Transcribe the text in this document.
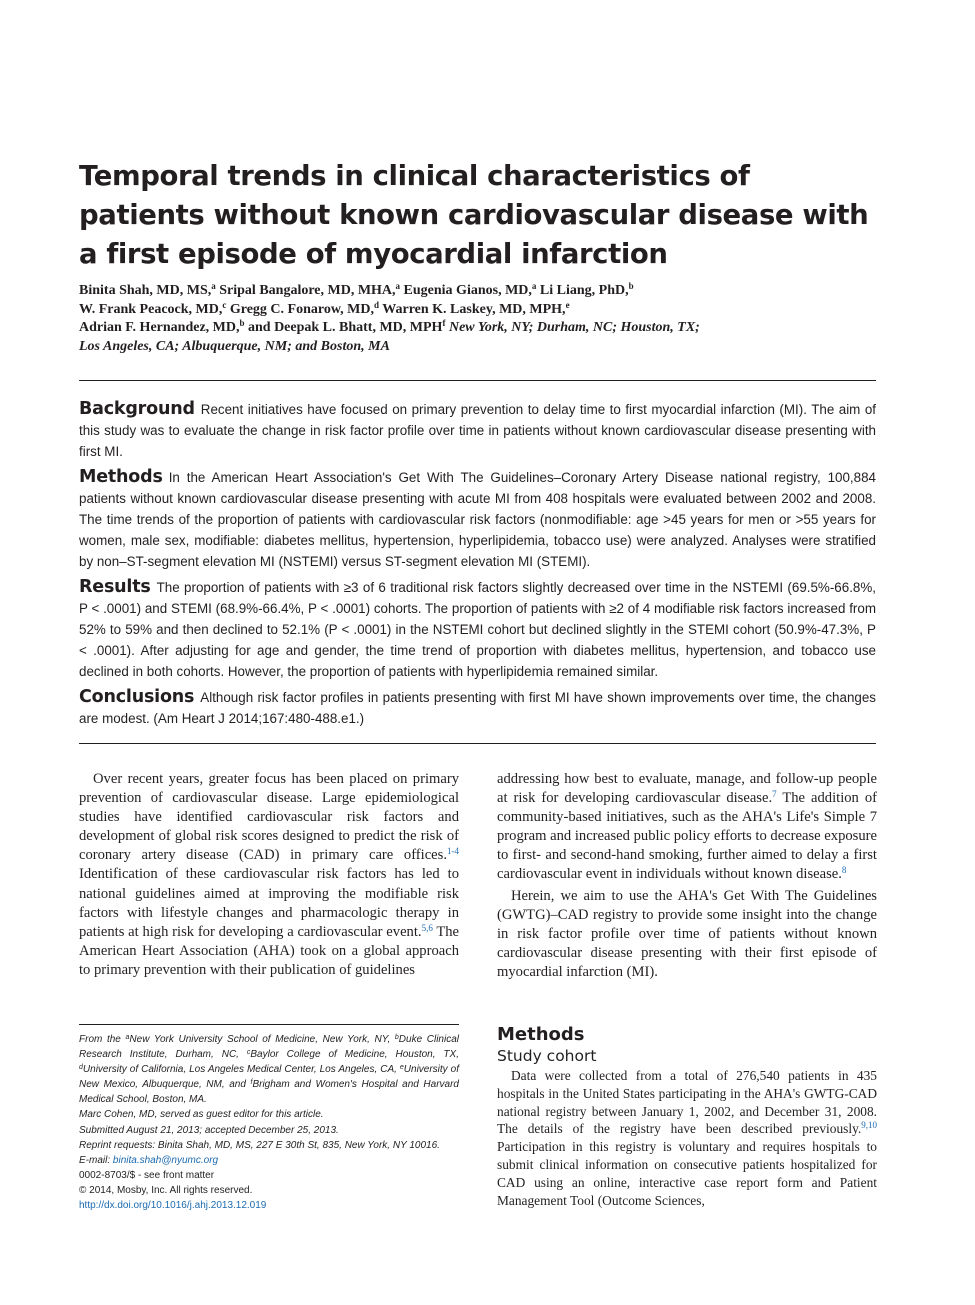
Temporal trends in clinical characteristics of patients without known cardiovascular disease with a first episode of myocardial infarction
Binita Shah, MD, MS,$^a$ Sripal Bangalore, MD, MHA,$^a$ Eugenia Gianos, MD,$^a$ Li Liang, PhD,$^b$
W. Frank Peacock, MD,$^c$ Gregg C. Fonarow, MD,$^d$ Warren K. Laskey, MD, MPH,$^e$
Adrian F. Hernandez, MD,$^b$ and Deepak L. Bhatt, MD, MPH$^f$ New York, NY; Durham, NC; Houston, TX;
Los Angeles, CA; Albuquerque, NM; and Boston, MA

Background Recent initiatives have focused on primary prevention to delay time to first myocardial infarction (MI). The aim of this study was to evaluate the change in risk factor profile over time in patients without known cardiovascular disease presenting with first MI.

Methods In the American Heart Association's Get With The Guidelines–Coronary Artery Disease national registry, 100,884 patients without known cardiovascular disease presenting with acute MI from 408 hospitals were evaluated between 2002 and 2008. The time trends of the proportion of patients with cardiovascular risk factors (nonmodifiable: age >45 years for men or >55 years for women, male sex, modifiable: diabetes mellitus, hypertension, hyperlipidemia, tobacco use) were analyzed. Analyses were stratified by non–ST-segment elevation MI (NSTEMI) versus ST-segment elevation MI (STEMI).

Results The proportion of patients with ≥3 of 6 traditional risk factors slightly decreased over time in the NSTEMI (69.5%-66.8%, P < .0001) and STEMI (68.9%-66.4%, P < .0001) cohorts. The proportion of patients with ≥2 of 4 modifiable risk factors increased from 52% to 59% and then declined to 52.1% (P < .0001) in the NSTEMI cohort but declined slightly in the STEMI cohort (50.9%-47.3%, P < .0001). After adjusting for age and gender, the time trend of proportion with diabetes mellitus, hypertension, and tobacco use declined in both cohorts. However, the proportion of patients with hyperlipidemia remained similar.

Conclusions Although risk factor profiles in patients presenting with first MI have shown improvements over time, the changes are modest. (Am Heart J 2014;167:480-488.e1.)

Over recent years, greater focus has been placed on primary prevention of cardiovascular disease. Large epidemiological studies have identified cardiovascular risk factors and development of global risk scores designed to predict the risk of coronary artery disease (CAD) in primary care offices.$^{1-4}$ Identification of these cardiovascular risk factors has led to national guidelines aimed at improving the modifiable risk factors with lifestyle changes and pharmacologic therapy in patients at high risk for developing a cardiovascular event.$^{5,6}$ The American Heart Association (AHA) took on a global approach to primary prevention with their publication of guidelines

addressing how best to evaluate, manage, and follow-up people at risk for developing cardiovascular disease.$^7$ The addition of community-based initiatives, such as the AHA's Life's Simple 7 program and increased public policy efforts to decrease exposure to first- and second-hand smoking, further aimed to delay a first cardiovascular event in individuals without known disease.$^8$

Herein, we aim to use the AHA's Get With The Guidelines (GWTG)–CAD registry to provide some insight into the change in risk factor profile over time of patients without known cardiovascular disease presenting with their first episode of myocardial infarction (MI).

From the $^a$New York University School of Medicine, New York, NY, $^b$Duke Clinical Research Institute, Durham, NC, $^c$Baylor College of Medicine, Houston, TX, $^d$University of California, Los Angeles Medical Center, Los Angeles, CA, $^e$University of New Mexico, Albuquerque, NM, and $^f$Brigham and Women's Hospital and Harvard Medical School, Boston, MA.
Marc Cohen, MD, served as guest editor for this article.
Submitted August 21, 2013; accepted December 25, 2013.
Reprint requests: Binita Shah, MD, MS, 227 E 30th St, 835, New York, NY 10016.
E-mail: binita.shah@nyumc.org
0002-8703/$ - see front matter
© 2014, Mosby, Inc. All rights reserved.
http://dx.doi.org/10.1016/j.ahj.2013.12.019
Methods
Study cohort

Data were collected from a total of 276,540 patients in 435 hospitals in the United States participating in the AHA's GWTG-CAD national registry between January 1, 2002, and December 31, 2008. The details of the registry have been described previously.$^{9,10}$ Participation in this registry is voluntary and requires hospitals to submit clinical information on consecutive patients hospitalized for CAD using an online, interactive case report form and Patient Management Tool (Outcome Sciences,
